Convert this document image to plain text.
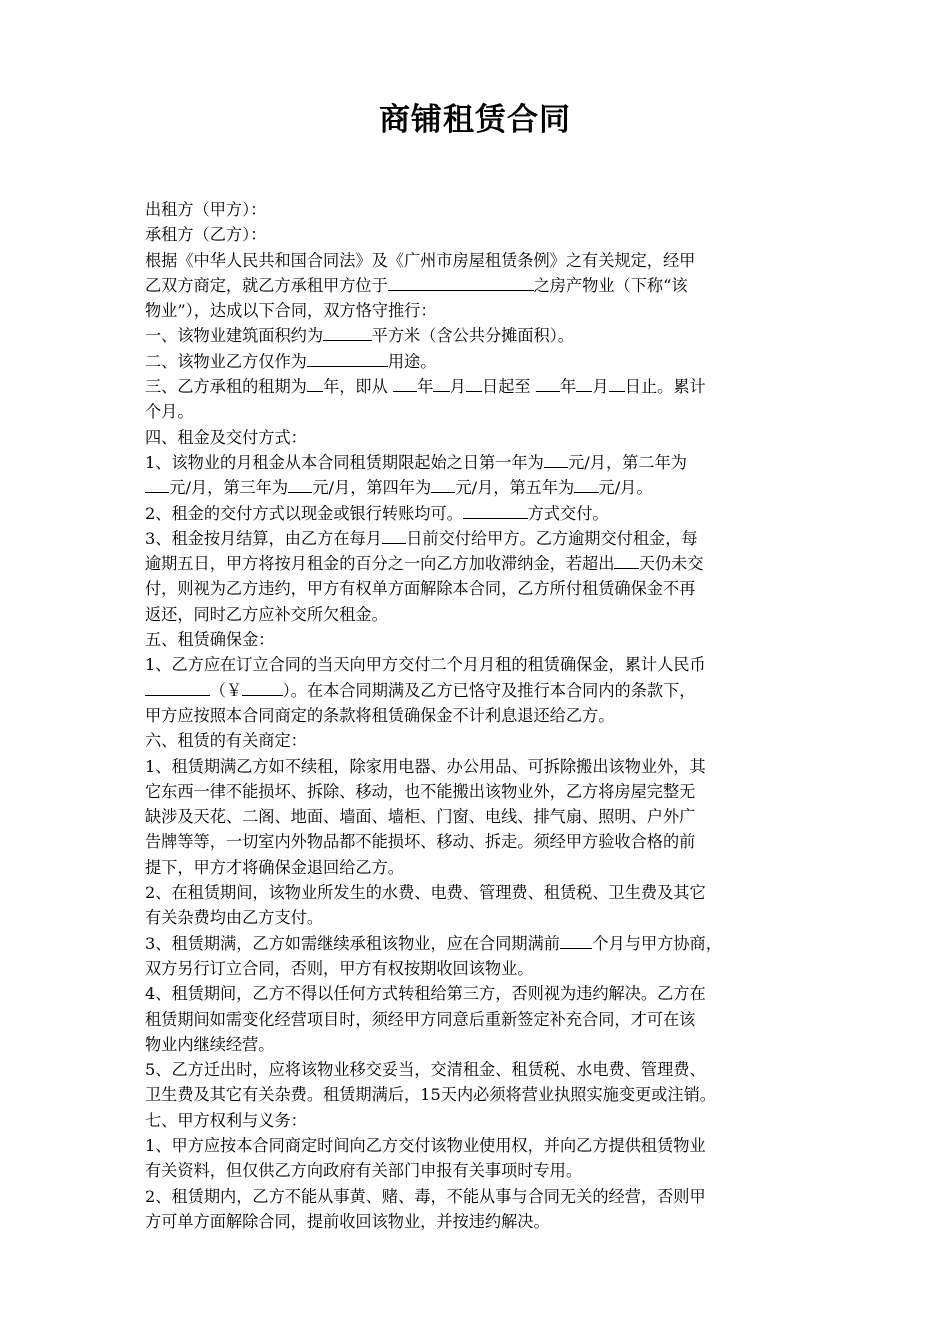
商铺租赁合同
出租方（甲方）：
承租方（乙方）：
根据《中华人民共和国合同法》及《广州市房屋租赁条例》之有关规定，经甲
乙双方商定，就乙方承租甲方位于	之房产物业（下称“该
物业”），达成以下合同，双方恪守推行：
一、该物业建筑面积约为	平方米（含公共分摊面积）。
二、该物业乙方仅作为	用途。
三、乙方承租的租期为 年，即从 年 月 日起至 年 月 日止。累计
个月。
四、租金及交付方式：
1、该物业的月租金从本合同租赁期限起始之日第一年为 元/月，第二年为
元/月，第三年为 元/月，第四年为 元/月，第五年为 元/月。
2、租金的交付方式以现金或银行转账均可。	方式交付。
3、租金按月结算，由乙方在每月 日前交付给甲方。乙方逾期交付租金，每
逾期五日，甲方将按月租金的百分之一向乙方加收滞纳金，若超出 天仍未交
付，则视为乙方违约，甲方有权单方面解除本合同，乙方所付租赁确保金不再
返还，同时乙方应补交所欠租金。
五、租赁确保金：
1、乙方应在订立合同的当天向甲方交付二个月月租的租赁确保金，累计人民币
（￥	）。在本合同期满及乙方已恪守及推行本合同内的条款下，
甲方应按照本合同商定的条款将租赁确保金不计利息退还给乙方。
六、租赁的有关商定：
1、租赁期满乙方如不续租，除家用电器、办公用品、可拆除搬出该物业外，其
它东西一律不能损坏、拆除、移动，也不能搬出该物业外，乙方将房屋完整无
缺涉及天花、二阁、地面、墙面、墙柜、门窗、电线、排气扇、照明、户外广
告牌等等，一切室内外物品都不能损坏、移动、拆走。须经甲方验收合格的前
提下，甲方才将确保金退回给乙方。
2、在租赁期间，该物业所发生的水费、电费、管理费、租赁税、卫生费及其它
有关杂费均由乙方支付。
3、租赁期满，乙方如需继续承租该物业，应在合同期满前 个月与甲方协商，
双方另行订立合同，否则，甲方有权按期收回该物业。
4、租赁期间，乙方不得以任何方式转租给第三方，否则视为违约解决。乙方在
租赁期间如需变化经营项目时，须经甲方同意后重新签定补充合同，才可在该
物业内继续经营。
5、乙方迁出时，应将该物业移交妥当，交清租金、租赁税、水电费、管理费、
卫生费及其它有关杂费。租赁期满后，15天内必须将营业执照实施变更或注销。
七、甲方权利与义务：
1、甲方应按本合同商定时间向乙方交付该物业使用权，并向乙方提供租赁物业
有关资料，但仅供乙方向政府有关部门申报有关事项时专用。
2、租赁期内，乙方不能从事黄、赌、毒，不能从事与合同无关的经营，否则甲
方可单方面解除合同，提前收回该物业，并按违约解决。
